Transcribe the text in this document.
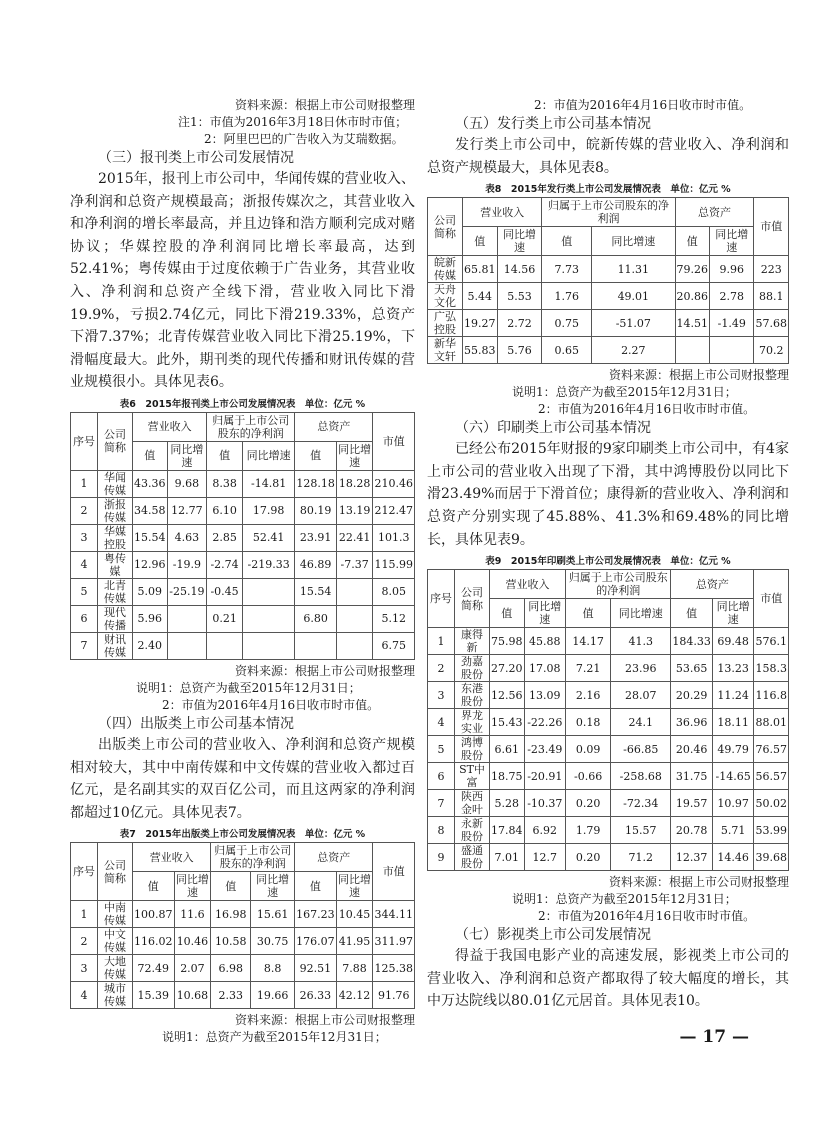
资料来源：根据上市公司财报整理
注1：市值为2016年3月18日休市时市值；
2：阿里巴巴的广告收入为艾瑞数据。
（三）报刊类上市公司发展情况
2015年，报刊上市公司中，华闻传媒的营业收入、净利润和总资产规模最高；浙报传媒次之，其营业收入和净利润的增长率最高，并且边锋和浩方顺利完成对赌协议；华媒控股的净利润同比增长率最高，达到52.41%；粤传媒由于过度依赖于广告业务，其营业收入、净利润和总资产全线下滑，营业收入同比下滑19.9%，亏损2.74亿元，同比下滑219.33%，总资产下滑7.37%；北青传媒营业收入同比下滑25.19%，下滑幅度最大。此外，期刊类的现代传播和财讯传媒的营业规模很小。具体见表6。
表6　2015年报刊类上市公司发展情况表　单位：亿元 %
序号	公司简称	营业收入		归属于上市公司股东的净利润		总资产		市值
		值	同比增速	值	同比增速	值	同比增速	
1	华闻传媒	43.36	9.68	8.38	-14.81	128.18	18.28	210.46
2	浙报传媒	34.58	12.77	6.10	17.98	80.19	13.19	212.47
3	华媒控股	15.54	4.63	2.85	52.41	23.91	22.41	101.3
4	粤传媒	12.96	-19.9	-2.74	-219.33	46.89	-7.37	115.99
5	北青传媒	5.09	-25.19	-0.45		15.54		8.05
6	现代传播	5.96		0.21		6.80		5.12
7	财讯传媒	2.40						6.75
资料来源：根据上市公司财报整理
说明1：总资产为截至2015年12月31日；
2：市值为2016年4月16日收市时市值。
（四）出版类上市公司基本情况
出版类上市公司的营业收入、净利润和总资产规模相对较大，其中中南传媒和中文传媒的营业收入都过百亿元，是名副其实的双百亿公司，而且这两家的净利润都超过10亿元。具体见表7。
表7　2015年出版类上市公司发展情况表　单位：亿元 %
序号	公司简称	营业收入		归属于上市公司股东的净利润		总资产		市值
		值	同比增速	值	同比增速	值	同比增速	
1	中南传媒	100.87	11.6	16.98	15.61	167.23	10.45	344.11
2	中文传媒	116.02	10.46	10.58	30.75	176.07	41.95	311.97
3	大地传媒	72.49	2.07	6.98	8.8	92.51	7.88	125.38
4	城市传媒	15.39	10.68	2.33	19.66	26.33	42.12	91.76
资料来源：根据上市公司财报整理
说明1：总资产为截至2015年12月31日；
2：市值为2016年4月16日收市时市值。
（五）发行类上市公司基本情况
发行类上市公司中，皖新传媒的营业收入、净利润和总资产规模最大，具体见表8。
表8　2015年发行类上市公司发展情况表　单位：亿元 %
公司简称	营业收入		归属于上市公司股东的净利润		总资产		市值
	值	同比增速	值	同比增速	值	同比增速	
皖新传媒	65.81	14.56	7.73	11.31	79.26	9.96	223
天舟文化	5.44	5.53	1.76	49.01	20.86	2.78	88.1
广弘控股	19.27	2.72	0.75	-51.07	14.51	-1.49	57.68
新华文轩	55.83	5.76	0.65	2.27			70.2
资料来源：根据上市公司财报整理
说明1：总资产为截至2015年12月31日；
2：市值为2016年4月16日收市时市值。
（六）印刷类上市公司基本情况
已经公布2015年财报的9家印刷类上市公司中，有4家上市公司的营业收入出现了下滑，其中鸿博股份以同比下滑23.49%而居于下滑首位；康得新的营业收入、净利润和总资产分别实现了45.88%、41.3%和69.48%的同比增长，具体见表9。
表9　2015年印刷类上市公司发展情况表　单位：亿元 %
序号	公司简称	营业收入		归属于上市公司股东的净利润		总资产		市值
		值	同比增速	值	同比增速	值	同比增速	
1	康得新	75.98	45.88	14.17	41.3	184.33	69.48	576.1
2	劲嘉股份	27.20	17.08	7.21	23.96	53.65	13.23	158.3
3	东港股份	12.56	13.09	2.16	28.07	20.29	11.24	116.8
4	界龙实业	15.43	-22.26	0.18	24.1	36.96	18.11	88.01
5	鸿博股份	6.61	-23.49	0.09	-66.85	20.46	49.79	76.57
6	ST中富	18.75	-20.91	-0.66	-258.68	31.75	-14.65	56.57
7	陕西金叶	5.28	-10.37	0.20	-72.34	19.57	10.97	50.02
8	永新股份	17.84	6.92	1.79	15.57	20.78	5.71	53.99
9	盛通股份	7.01	12.7	0.20	71.2	12.37	14.46	39.68
资料来源：根据上市公司财报整理
说明1：总资产为截至2015年12月31日；
2：市值为2016年4月16日收市时市值。
（七）影视类上市公司发展情况
得益于我国电影产业的高速发展，影视类上市公司的营业收入、净利润和总资产都取得了较大幅度的增长，其中万达院线以80.01亿元居首。具体见表10。
— 17 —
